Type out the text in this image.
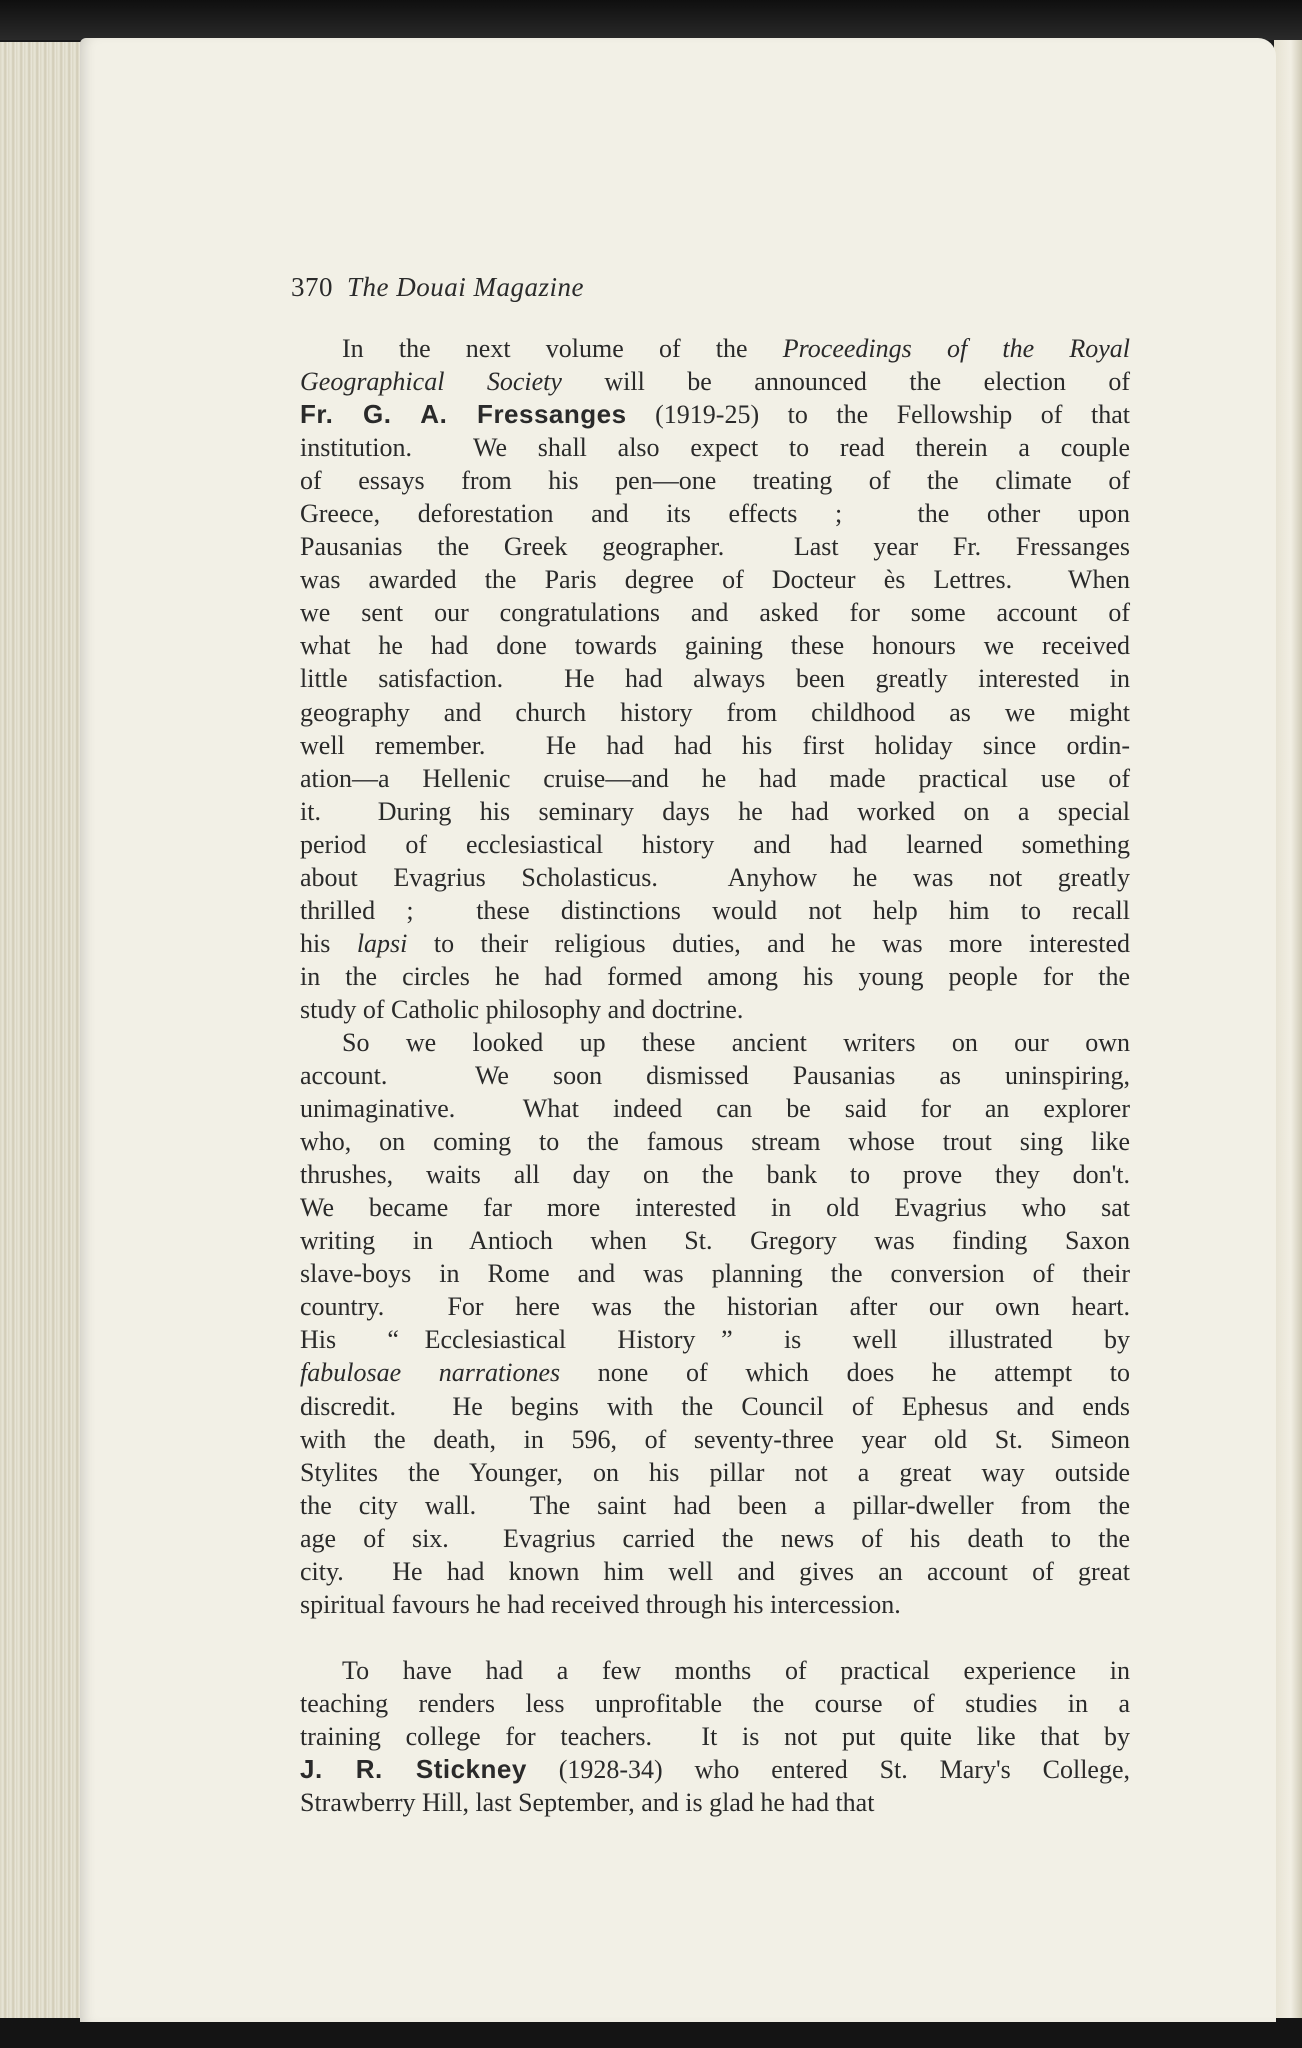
370 The Douai Magazine
In the next volume of the Proceedings of the Royal
Geographical Society will be announced the election of
Fr. G. A. Fressanges (1919-25) to the Fellowship of that
institution.  We shall also expect to read therein a couple
of essays from his pen—one treating of the climate of
Greece, deforestation and its effects ;  the other upon
Pausanias the Greek geographer.  Last year Fr. Fressanges
was awarded the Paris degree of Docteur ès Lettres.  When
we sent our congratulations and asked for some account of
what he had done towards gaining these honours we received
little satisfaction.  He had always been greatly interested in
geography and church history from childhood as we might
well remember.  He had had his first holiday since ordin-
ation—a Hellenic cruise—and he had made practical use of
it.  During his seminary days he had worked on a special
period of ecclesiastical history and had learned something
about Evagrius Scholasticus.  Anyhow he was not greatly
thrilled ;  these distinctions would not help him to recall
his lapsi to their religious duties, and he was more interested
in the circles he had formed among his young people for the
study of Catholic philosophy and doctrine.
So we looked up these ancient writers on our own
account.  We soon dismissed Pausanias as uninspiring,
unimaginative.  What indeed can be said for an explorer
who, on coming to the famous stream whose trout sing like
thrushes, waits all day on the bank to prove they don't.
We became far more interested in old Evagrius who sat
writing in Antioch when St. Gregory was finding Saxon
slave-boys in Rome and was planning the conversion of their
country.  For here was the historian after our own heart.
His  “ Ecclesiastical  History ”  is  well  illustrated  by
fabulosae narrationes none of which does he attempt to
discredit.  He begins with the Council of Ephesus and ends
with the death, in 596, of seventy-three year old St. Simeon
Stylites the Younger, on his pillar not a great way outside
the city wall.  The saint had been a pillar-dweller from the
age of six.  Evagrius carried the news of his death to the
city.  He had known him well and gives an account of great
spiritual favours he had received through his intercession.
To have had a few months of practical experience in
teaching renders less unprofitable the course of studies in a
training college for teachers.  It is not put quite like that by
J. R. Stickney (1928-34) who entered St. Mary's College,
Strawberry Hill, last September, and is glad he had that
